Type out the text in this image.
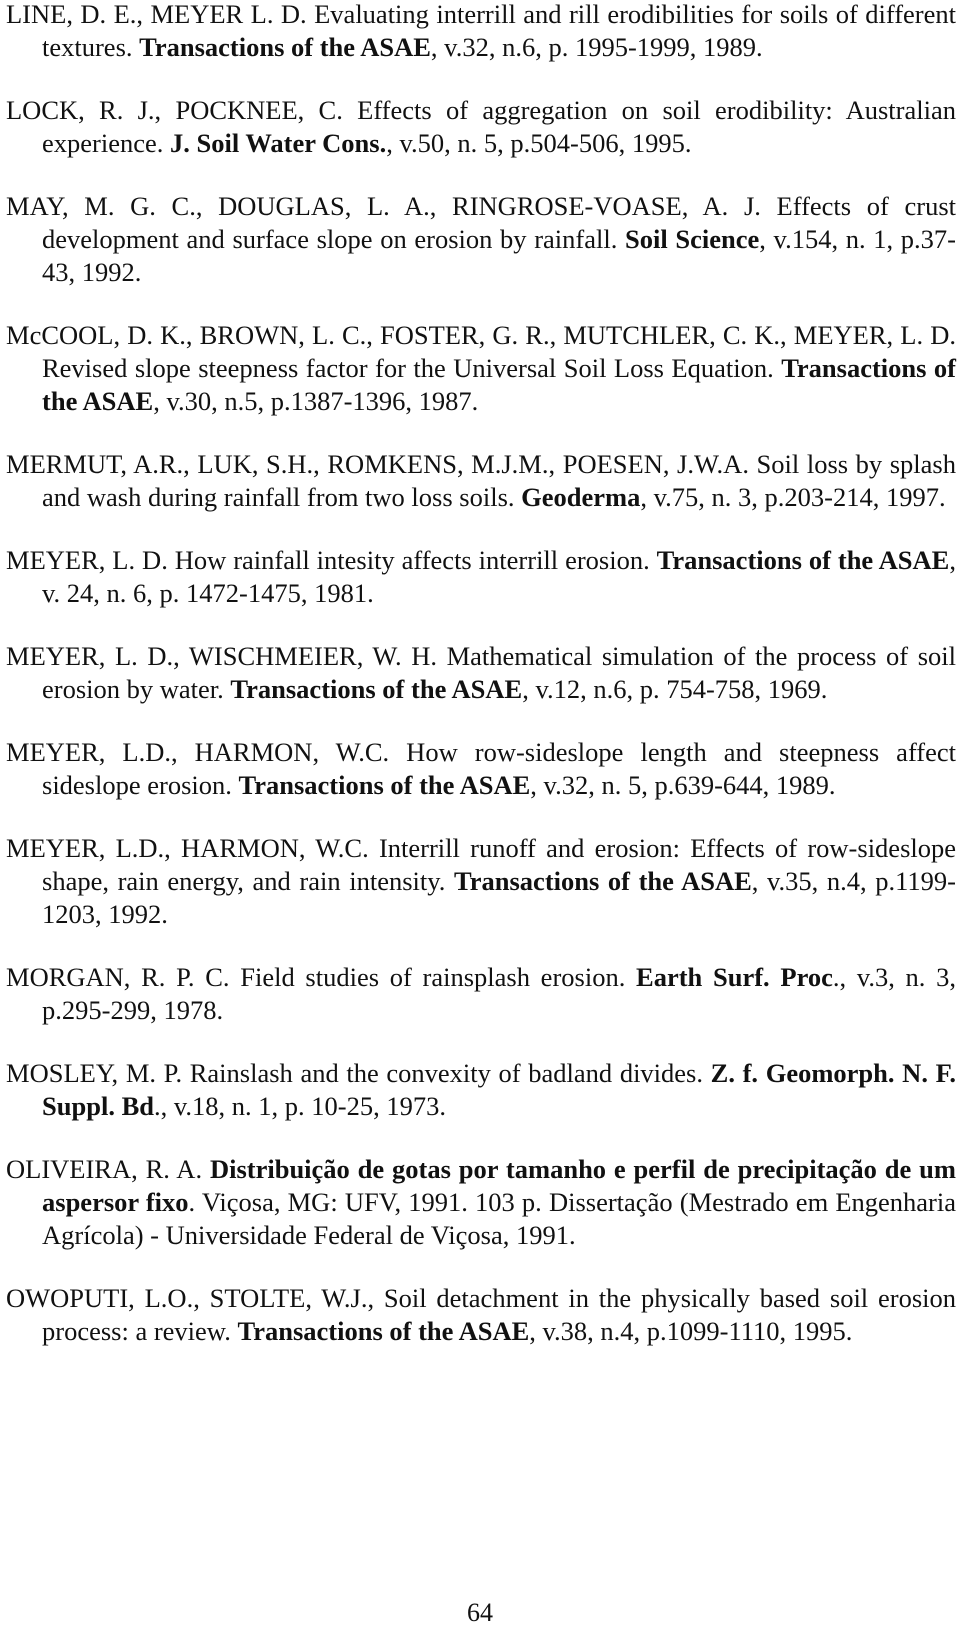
LINE, D. E., MEYER L. D. Evaluating interrill and rill erodibilities for soils of different textures. Transactions of the ASAE, v.32, n.6, p. 1995-1999, 1989.

LOCK, R. J., POCKNEE, C. Effects of aggregation on soil erodibility: Australian experience. J. Soil Water Cons., v.50, n. 5, p.504-506, 1995.

MAY, M. G. C., DOUGLAS, L. A., RINGROSE-VOASE, A. J. Effects of crust development and surface slope on erosion by rainfall. Soil Science, v.154, n. 1, p.37-43, 1992.

McCOOL, D. K., BROWN, L. C., FOSTER, G. R., MUTCHLER, C. K., MEYER, L. D. Revised slope steepness factor for the Universal Soil Loss Equation. Transactions of the ASAE, v.30, n.5, p.1387-1396, 1987.

MERMUT, A.R., LUK, S.H., ROMKENS, M.J.M., POESEN, J.W.A. Soil loss by splash and wash during rainfall from two loss soils. Geoderma, v.75, n. 3, p.203-214, 1997.

MEYER, L. D. How rainfall intesity affects interrill erosion. Transactions of the ASAE, v. 24, n. 6, p. 1472-1475, 1981.

MEYER, L. D., WISCHMEIER, W. H. Mathematical simulation of the process of soil erosion by water. Transactions of the ASAE, v.12, n.6, p. 754-758, 1969.

MEYER, L.D., HARMON, W.C. How row-sideslope length and steepness affect sideslope erosion. Transactions of the ASAE, v.32, n. 5, p.639-644, 1989.

MEYER, L.D., HARMON, W.C. Interrill runoff and erosion: Effects of row-sideslope shape, rain energy, and rain intensity. Transactions of the ASAE, v.35, n.4, p.1199-1203, 1992.

MORGAN, R. P. C. Field studies of rainsplash erosion. Earth Surf. Proc., v.3, n. 3, p.295-299, 1978.

MOSLEY, M. P. Rainslash and the convexity of badland divides. Z. f. Geomorph. N. F. Suppl. Bd., v.18, n. 1, p. 10-25, 1973.

OLIVEIRA, R. A. Distribuição de gotas por tamanho e perfil de precipitação de um aspersor fixo. Viçosa, MG: UFV, 1991. 103 p. Dissertação (Mestrado em Engenharia Agrícola) - Universidade Federal de Viçosa, 1991.

OWOPUTI, L.O., STOLTE, W.J., Soil detachment in the physically based soil erosion process: a review. Transactions of the ASAE, v.38, n.4, p.1099-1110, 1995.

64
